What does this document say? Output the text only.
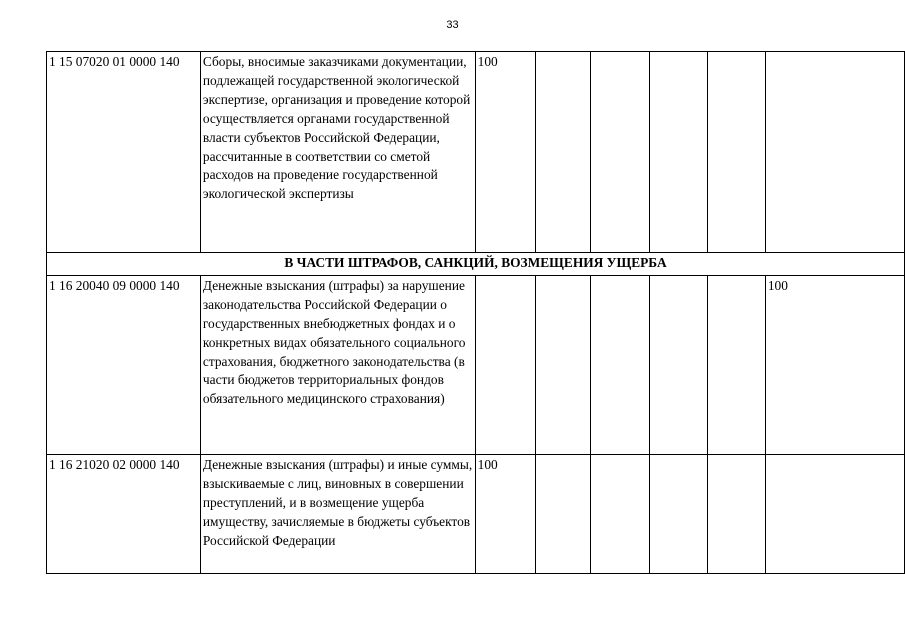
33
1 15 07020 01 0000 140	Сборы, вносимые заказчиками документации, подлежащей государственной экологической экспертизе, организация и проведение которой осуществляется органами государственной власти субъектов Российской Федерации, рассчитанные в соответствии со сметой расходов на проведение государственной экологической экспертизы	100					
В ЧАСТИ ШТРАФОВ, САНКЦИЙ, ВОЗМЕЩЕНИЯ УЩЕРБА							
1 16 20040 09 0000 140	Денежные взыскания (штрафы) за нарушение законодательства Российской Федерации о государственных внебюджетных фондах и о конкретных видах обязательного социального страхования, бюджетного законодательства (в части бюджетов территориальных фондов обязательного медицинского страхования)						100
1 16 21020 02 0000 140	Денежные взыскания (штрафы) и иные суммы, взыскиваемые с лиц, виновных в совершении преступлений, и в возмещение ущерба имуществу, зачисляемые в бюджеты субъектов Российской Федерации	100					
